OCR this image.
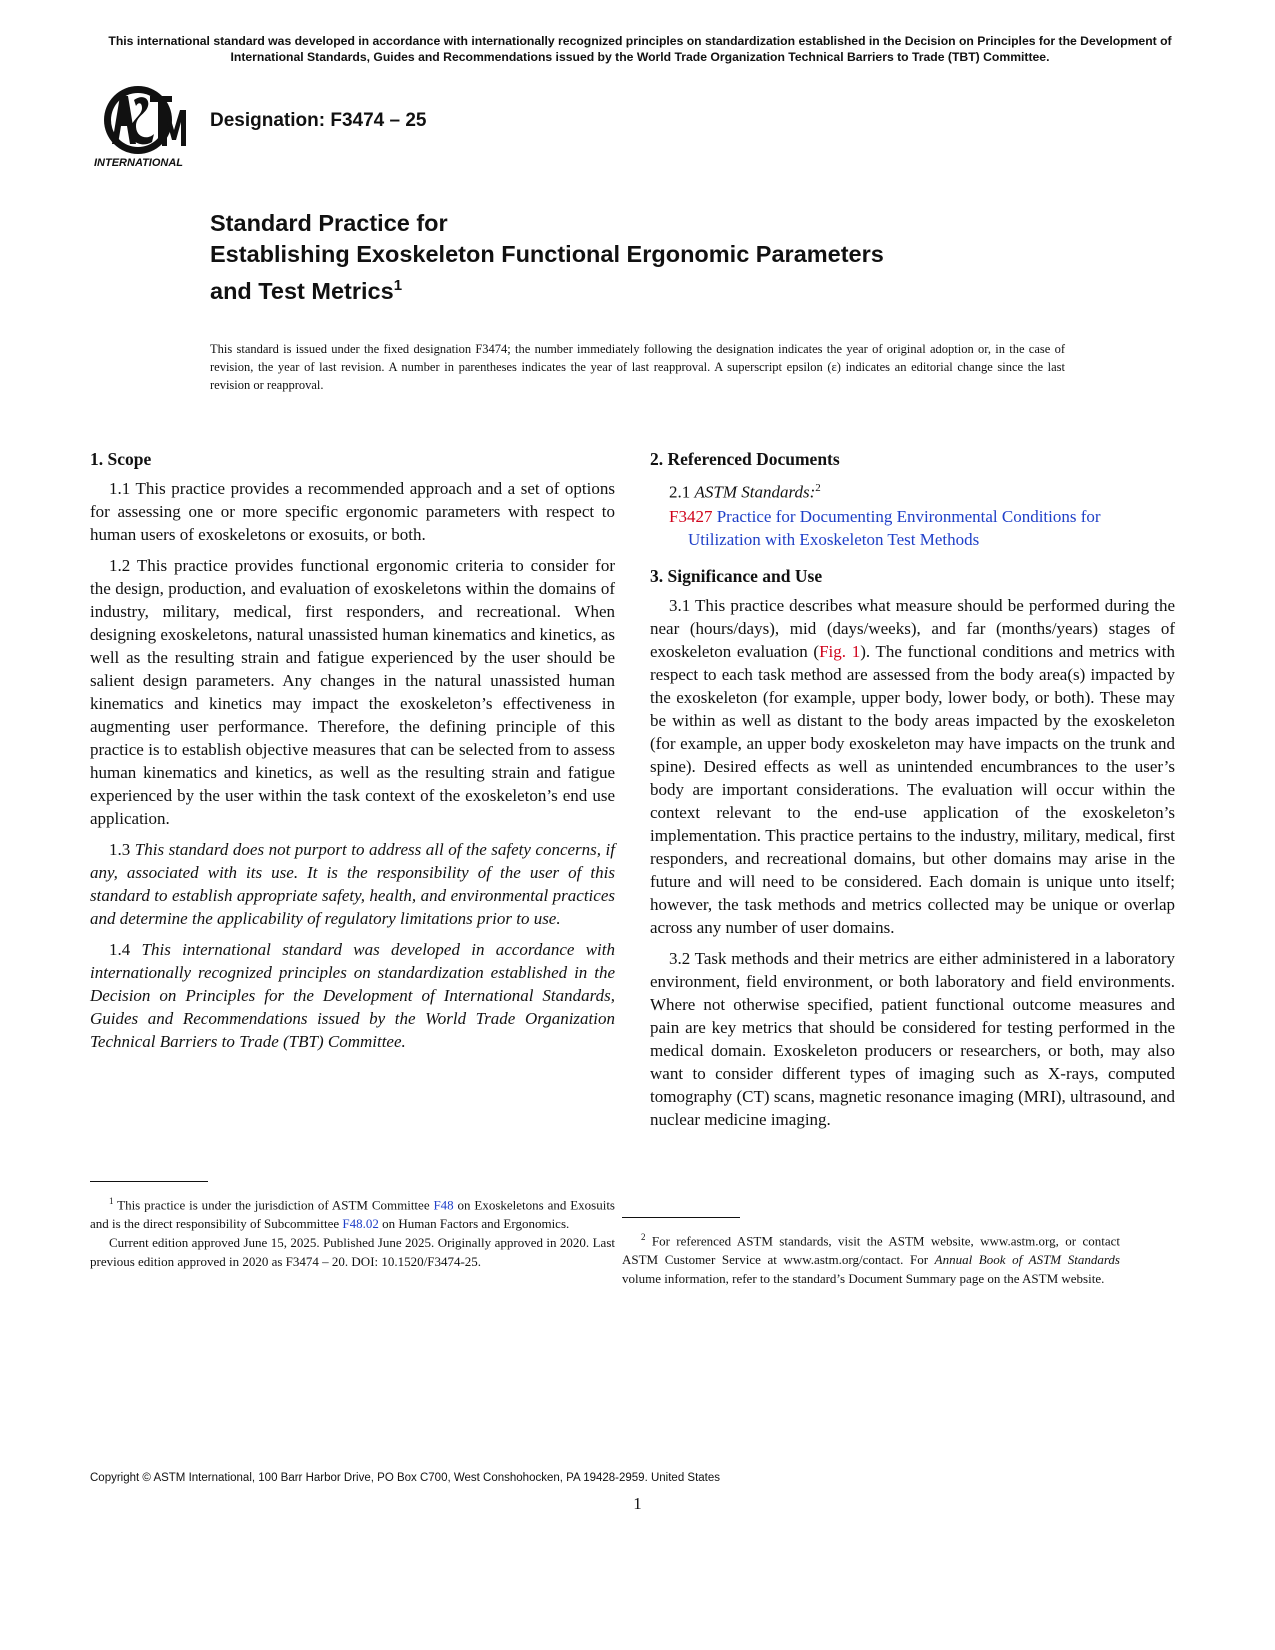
This international standard was developed in accordance with internationally recognized principles on standardization established in the Decision on Principles for the Development of International Standards, Guides and Recommendations issued by the World Trade Organization Technical Barriers to Trade (TBT) Committee.
INTERNATIONAL
Designation: F3474 – 25
Standard Practice for
Establishing Exoskeleton Functional Ergonomic Parameters
and Test Metrics$^1$
This standard is issued under the fixed designation F3474; the number immediately following the designation indicates the year of original adoption or, in the case of revision, the year of last revision. A number in parentheses indicates the year of last reapproval. A superscript epsilon (ε) indicates an editorial change since the last revision or reapproval.
1. Scope

1.1 This practice provides a recommended approach and a set of options for assessing one or more specific ergonomic parameters with respect to human users of exoskeletons or exosuits, or both.

1.2 This practice provides functional ergonomic criteria to consider for the design, production, and evaluation of exoskeletons within the domains of industry, military, medical, first responders, and recreational. When designing exoskeletons, natural unassisted human kinematics and kinetics, as well as the resulting strain and fatigue experienced by the user should be salient design parameters. Any changes in the natural unassisted human kinematics and kinetics may impact the exoskeleton’s effectiveness in augmenting user performance. Therefore, the defining principle of this practice is to establish objective measures that can be selected from to assess human kinematics and kinetics, as well as the resulting strain and fatigue experienced by the user within the task context of the exoskeleton’s end use application.

1.3 This standard does not purport to address all of the safety concerns, if any, associated with its use. It is the responsibility of the user of this standard to establish appropriate safety, health, and environmental practices and determine the applicability of regulatory limitations prior to use.

1.4 This international standard was developed in accordance with internationally recognized principles on standardization established in the Decision on Principles for the Development of International Standards, Guides and Recommendations issued by the World Trade Organization Technical Barriers to Trade (TBT) Committee.

2. Referenced Documents

2.1 ASTM Standards:$^2$

F3427 Practice for Documenting Environmental Conditions for Utilization with Exoskeleton Test Methods

3. Significance and Use

3.1 This practice describes what measure should be performed during the near (hours/days), mid (days/weeks), and far (months/years) stages of exoskeleton evaluation (Fig. 1). The functional conditions and metrics with respect to each task method are assessed from the body area(s) impacted by the exoskeleton (for example, upper body, lower body, or both). These may be within as well as distant to the body areas impacted by the exoskeleton (for example, an upper body exoskeleton may have impacts on the trunk and spine). Desired effects as well as unintended encumbrances to the user’s body are important considerations. The evaluation will occur within the context relevant to the end-use application of the exoskeleton’s implementation. This practice pertains to the industry, military, medical, first responders, and recreational domains, but other domains may arise in the future and will need to be considered. Each domain is unique unto itself; however, the task methods and metrics collected may be unique or overlap across any number of user domains.

3.2 Task methods and their metrics are either administered in a laboratory environment, field environment, or both laboratory and field environments. Where not otherwise specified, patient functional outcome measures and pain are key metrics that should be considered for testing performed in the medical domain. Exoskeleton producers or researchers, or both, may also want to consider different types of imaging such as X-rays, computed tomography (CT) scans, magnetic resonance imaging (MRI), ultrasound, and nuclear medicine imaging.

$^1$ This practice is under the jurisdiction of ASTM Committee F48 on Exoskeletons and Exosuits and is the direct responsibility of Subcommittee F48.02 on Human Factors and Ergonomics.

Current edition approved June 15, 2025. Published June 2025. Originally approved in 2020. Last previous edition approved in 2020 as F3474 – 20. DOI: 10.1520/F3474-25.

$^2$ For referenced ASTM standards, visit the ASTM website, www.astm.org, or contact ASTM Customer Service at www.astm.org/contact. For Annual Book of ASTM Standards volume information, refer to the standard’s Document Summary page on the ASTM website.

Copyright © ASTM International, 100 Barr Harbor Drive, PO Box C700, West Conshohocken, PA 19428-2959. United States
1
